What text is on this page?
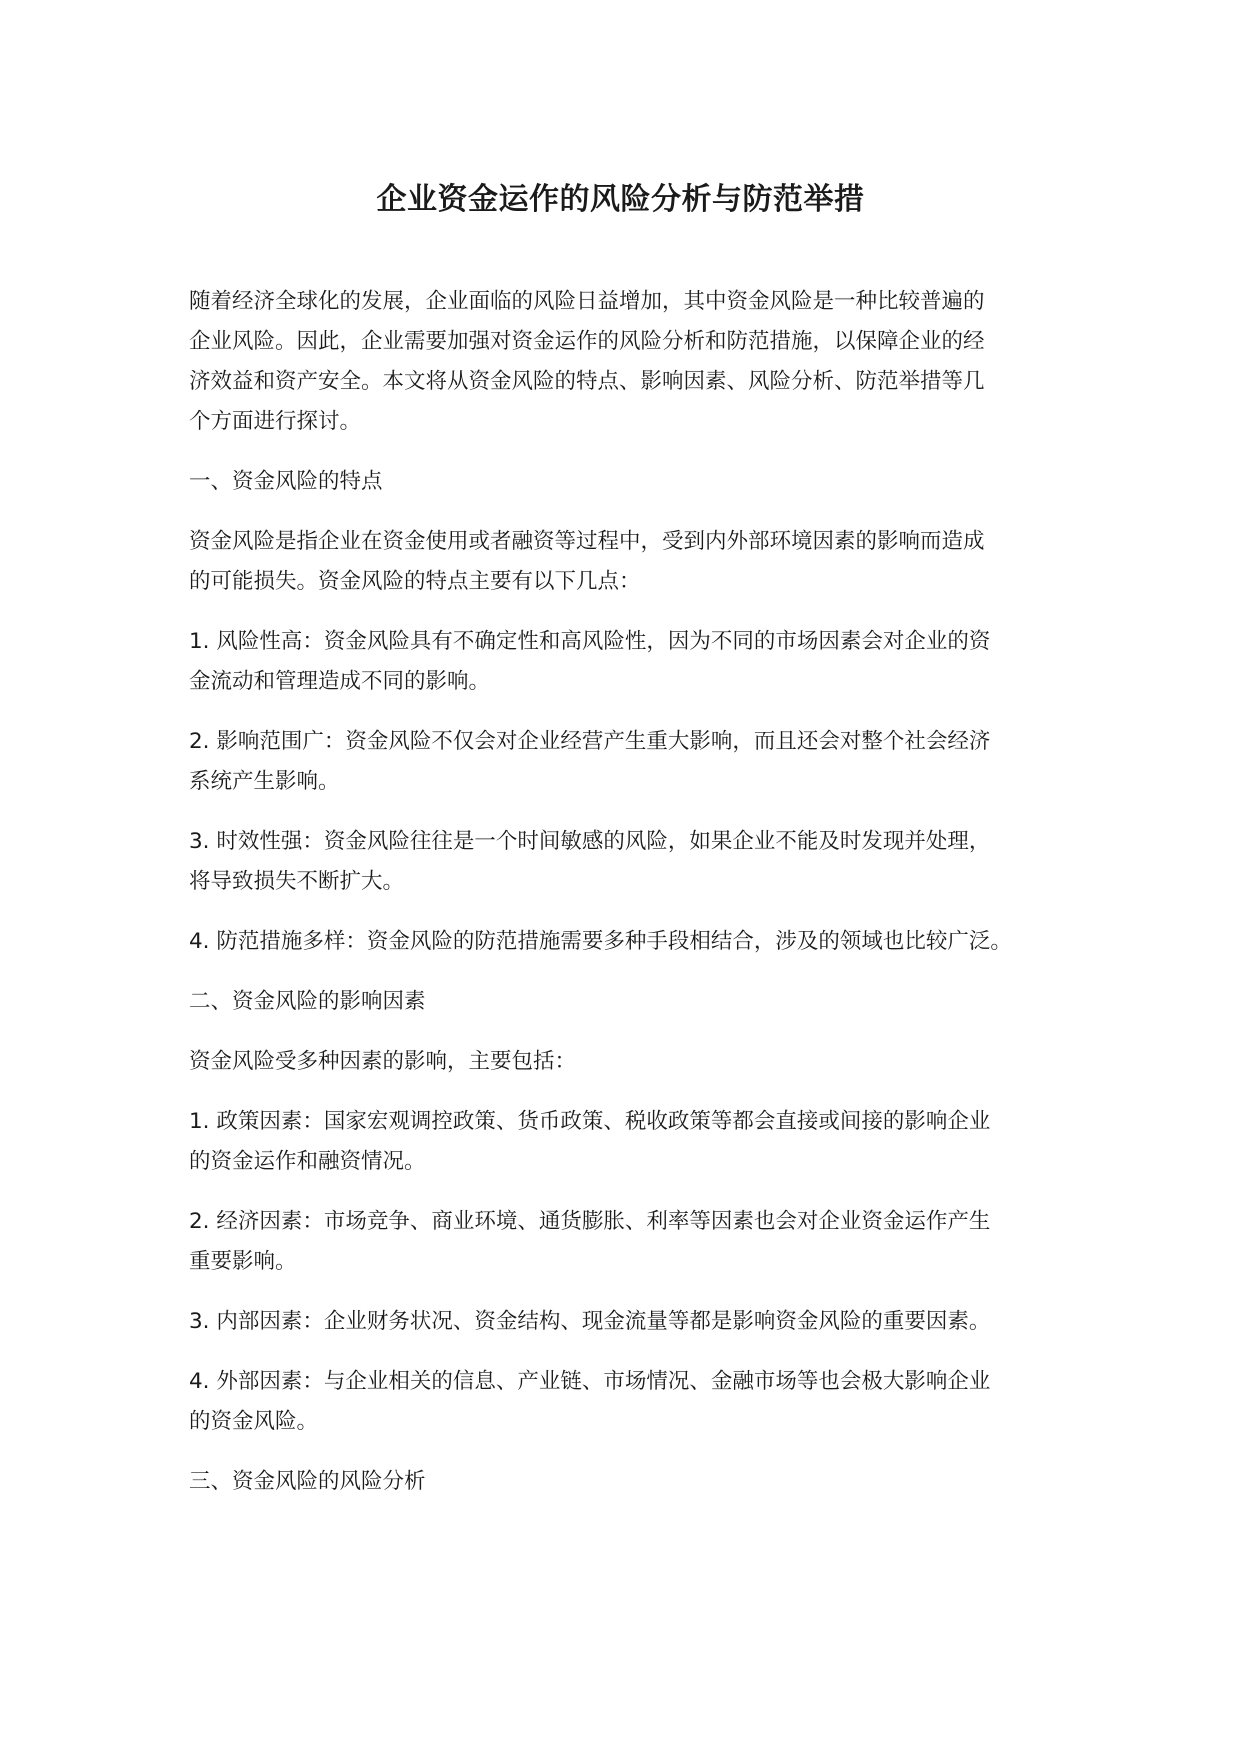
企业资金运作的风险分析与防范举措

随着经济全球化的发展，企业面临的风险日益增加，其中资金风险是一种比较普遍的
企业风险。因此，企业需要加强对资金运作的风险分析和防范措施，以保障企业的经
济效益和资产安全。本文将从资金风险的特点、影响因素、风险分析、防范举措等几
个方面进行探讨。

一、资金风险的特点

资金风险是指企业在资金使用或者融资等过程中，受到内外部环境因素的影响而造成
的可能损失。资金风险的特点主要有以下几点：

1. 风险性高：资金风险具有不确定性和高风险性，因为不同的市场因素会对企业的资
金流动和管理造成不同的影响。

2. 影响范围广：资金风险不仅会对企业经营产生重大影响，而且还会对整个社会经济
系统产生影响。

3. 时效性强：资金风险往往是一个时间敏感的风险，如果企业不能及时发现并处理，
将导致损失不断扩大。

4. 防范措施多样：资金风险的防范措施需要多种手段相结合，涉及的领域也比较广泛。

二、资金风险的影响因素

资金风险受多种因素的影响，主要包括：

1. 政策因素：国家宏观调控政策、货币政策、税收政策等都会直接或间接的影响企业
的资金运作和融资情况。

2. 经济因素：市场竞争、商业环境、通货膨胀、利率等因素也会对企业资金运作产生
重要影响。

3. 内部因素：企业财务状况、资金结构、现金流量等都是影响资金风险的重要因素。

4. 外部因素：与企业相关的信息、产业链、市场情况、金融市场等也会极大影响企业
的资金风险。

三、资金风险的风险分析
